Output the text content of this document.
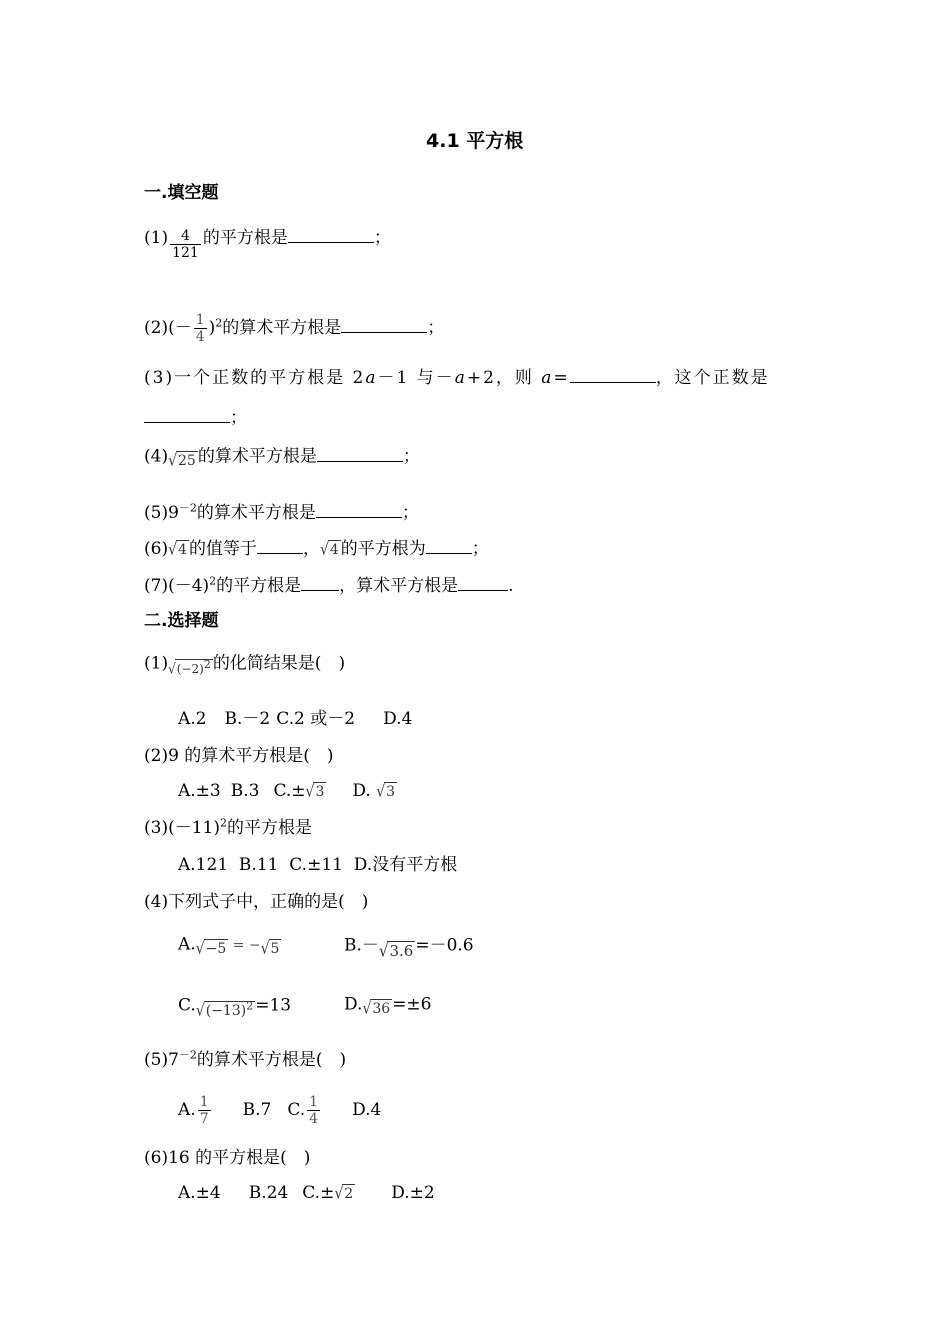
4.1 平方根
一.填空题
$(1) \frac{4}{121}$ 的平方根是	；
$(2)(- \frac{1}{4} )^2$的算术平方根是	；
(3)一个正数的平方根是 2a－1 与－a+2，则 a=	，这个正数是
；
(4)√25 的算术平方根是	；
$(5)9^{-2}$的算术平方根是	；
(6)√4 的值等于	，√4 的平方根为	；
$(7)(-4)^2$的平方根是 ，算术平方根是	.
二.选择题
$(1)√(-2)^2$ 的化简结果是(　)
A.2 B.－2 C.2 或－2 D.4
(2)9 的算术平方根是(　)
A.±3 B.3 C.±√3 D. √3
$(3)(-11)^2$的平方根是
A.121  B.11  C.±11  D.没有平方根
(4)下列式子中，正确的是(　)
A.√−5 = −√5	B.－√3.6 =－0.6
$C.√(-13)^2 =13$	D.√36 =±6
$(5)7^{-2}$的算术平方根是(　)
A. $\frac{1}{7} B.7$ C. $\frac{1}{4} D.4$
(6)16 的平方根是(　)
A.±4 B.24 C.±√2 D.±2
